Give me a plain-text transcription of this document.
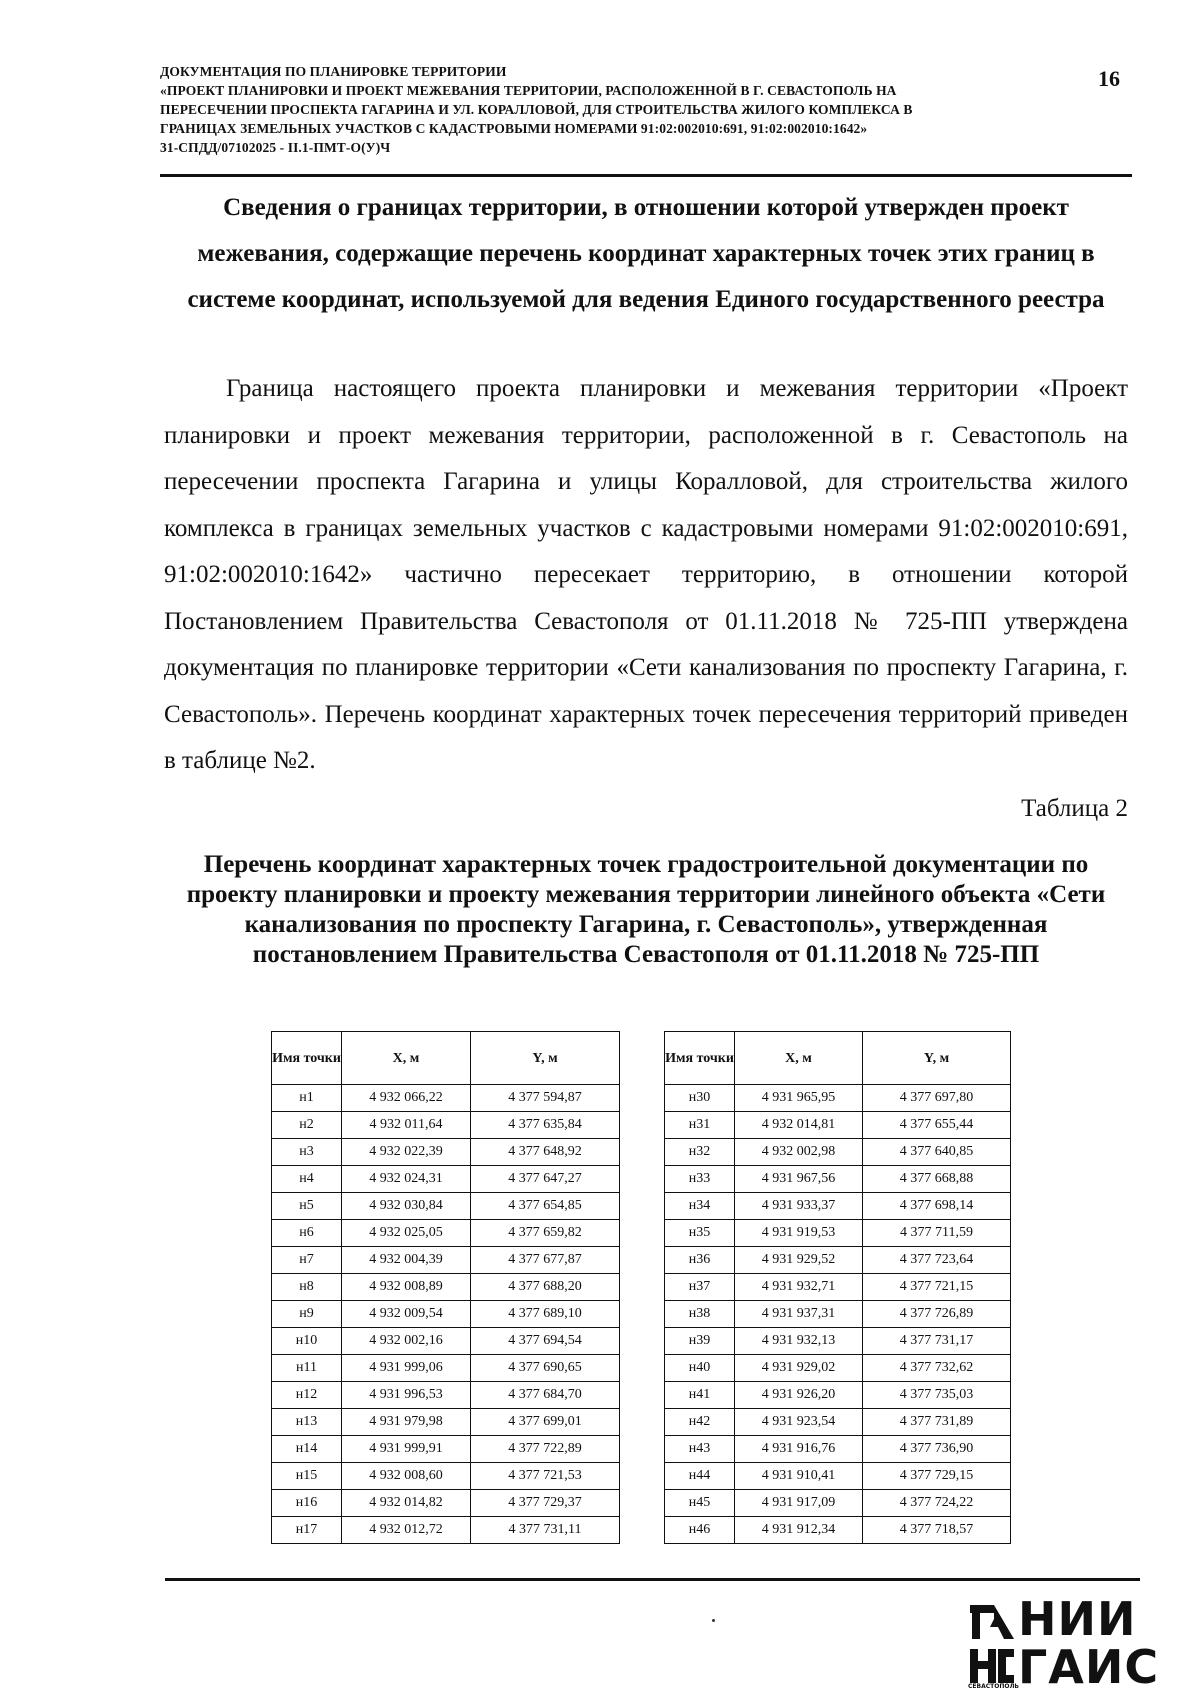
ДОКУМЕНТАЦИЯ ПО ПЛАНИРОВКЕ ТЕРРИТОРИИ
«ПРОЕКТ ПЛАНИРОВКИ И ПРОЕКТ МЕЖЕВАНИЯ ТЕРРИТОРИИ, РАСПОЛОЖЕННОЙ В Г. СЕВАСТОПОЛЬ НА
ПЕРЕСЕЧЕНИИ ПРОСПЕКТА ГАГАРИНА И УЛ. КОРАЛЛОВОЙ, ДЛЯ СТРОИТЕЛЬСТВА ЖИЛОГО КОМПЛЕКСА В
ГРАНИЦАХ ЗЕМЕЛЬНЫХ УЧАСТКОВ С КАДАСТРОВЫМИ НОМЕРАМИ 91:02:002010:691, 91:02:002010:1642»
31-СПДД/07102025 - II.1-ПМТ-О(У)Ч
16
Сведения о границах территории, в отношении которой утвержден проект межевания, содержащие перечень координат характерных точек этих границ в системе координат, используемой для ведения Единого государственного реестра
Граница настоящего проекта планировки и межевания территории «Проект планировки и проект межевания территории, расположенной в г. Севастополь на пересечении проспекта Гагарина и улицы Коралловой, для строительства жилого комплекса в границах земельных участков с кадастровыми номерами 91:02:002010:691, 91:02:002010:1642» частично пересекает территорию, в отношении которой Постановлением Правительства Севастополя от 01.11.2018 № 725-ПП утверждена документация по планировке территории «Сети канализования по проспекту Гагарина, г. Севастополь». Перечень координат характерных точек пересечения территорий приведен в таблице №2.
Таблица 2
Перечень координат характерных точек градостроительной документации по проекту планировки и проекту межевания территории линейного объекта «Сети канализования по проспекту Гагарина, г. Севастополь», утвержденная постановлением Правительства Севастополя от 01.11.2018 № 725-ПП
Имя точки	X, м	Y, м
н1	4 932 066,22	4 377 594,87
н2	4 932 011,64	4 377 635,84
н3	4 932 022,39	4 377 648,92
н4	4 932 024,31	4 377 647,27
н5	4 932 030,84	4 377 654,85
н6	4 932 025,05	4 377 659,82
н7	4 932 004,39	4 377 677,87
н8	4 932 008,89	4 377 688,20
н9	4 932 009,54	4 377 689,10
н10	4 932 002,16	4 377 694,54
н11	4 931 999,06	4 377 690,65
н12	4 931 996,53	4 377 684,70
н13	4 931 979,98	4 377 699,01
н14	4 931 999,91	4 377 722,89
н15	4 932 008,60	4 377 721,53
н16	4 932 014,82	4 377 729,37
н17	4 932 012,72	4 377 731,11
Имя точки	X, м	Y, м
н30	4 931 965,95	4 377 697,80
н31	4 932 014,81	4 377 655,44
н32	4 932 002,98	4 377 640,85
н33	4 931 967,56	4 377 668,88
н34	4 931 933,37	4 377 698,14
н35	4 931 919,53	4 377 711,59
н36	4 931 929,52	4 377 723,64
н37	4 931 932,71	4 377 721,15
н38	4 931 937,31	4 377 726,89
н39	4 931 932,13	4 377 731,17
н40	4 931 929,02	4 377 732,62
н41	4 931 926,20	4 377 735,03
н42	4 931 923,54	4 377 731,89
н43	4 931 916,76	4 377 736,90
н44	4 931 910,41	4 377 729,15
н45	4 931 917,09	4 377 724,22
н46	4 931 912,34	4 377 718,57
НИИ
ГАИС
СЕВАСТОПОЛЬ
